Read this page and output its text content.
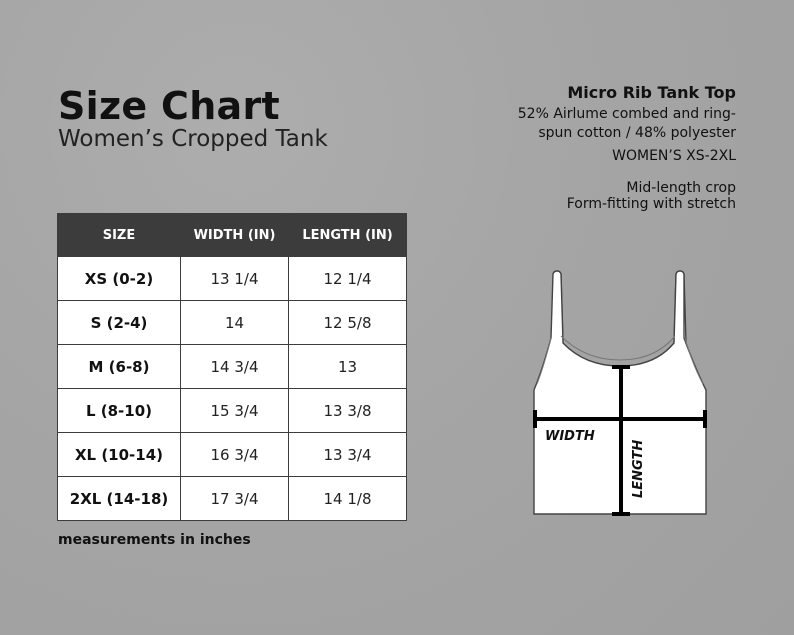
Size Chart
Women’s Cropped Tank
Micro Rib Tank Top
52% Airlume combed and ring-
spun cotton / 48% polyester
WOMEN’S XS-2XL
Mid-length crop
Form-fitting with stretch
SIZE	WIDTH (IN)	LENGTH (IN)
XS (0-2)	13 1/4	12 1/4
S (2-4)	14	12 5/8
M (6-8)	14 3/4	13
L (8-10)	15 3/4	13 3/8
XL (10-14)	16 3/4	13 3/4
2XL (14-18)	17 3/4	14 1/8
measurements in inches
WIDTH
LENGTH
